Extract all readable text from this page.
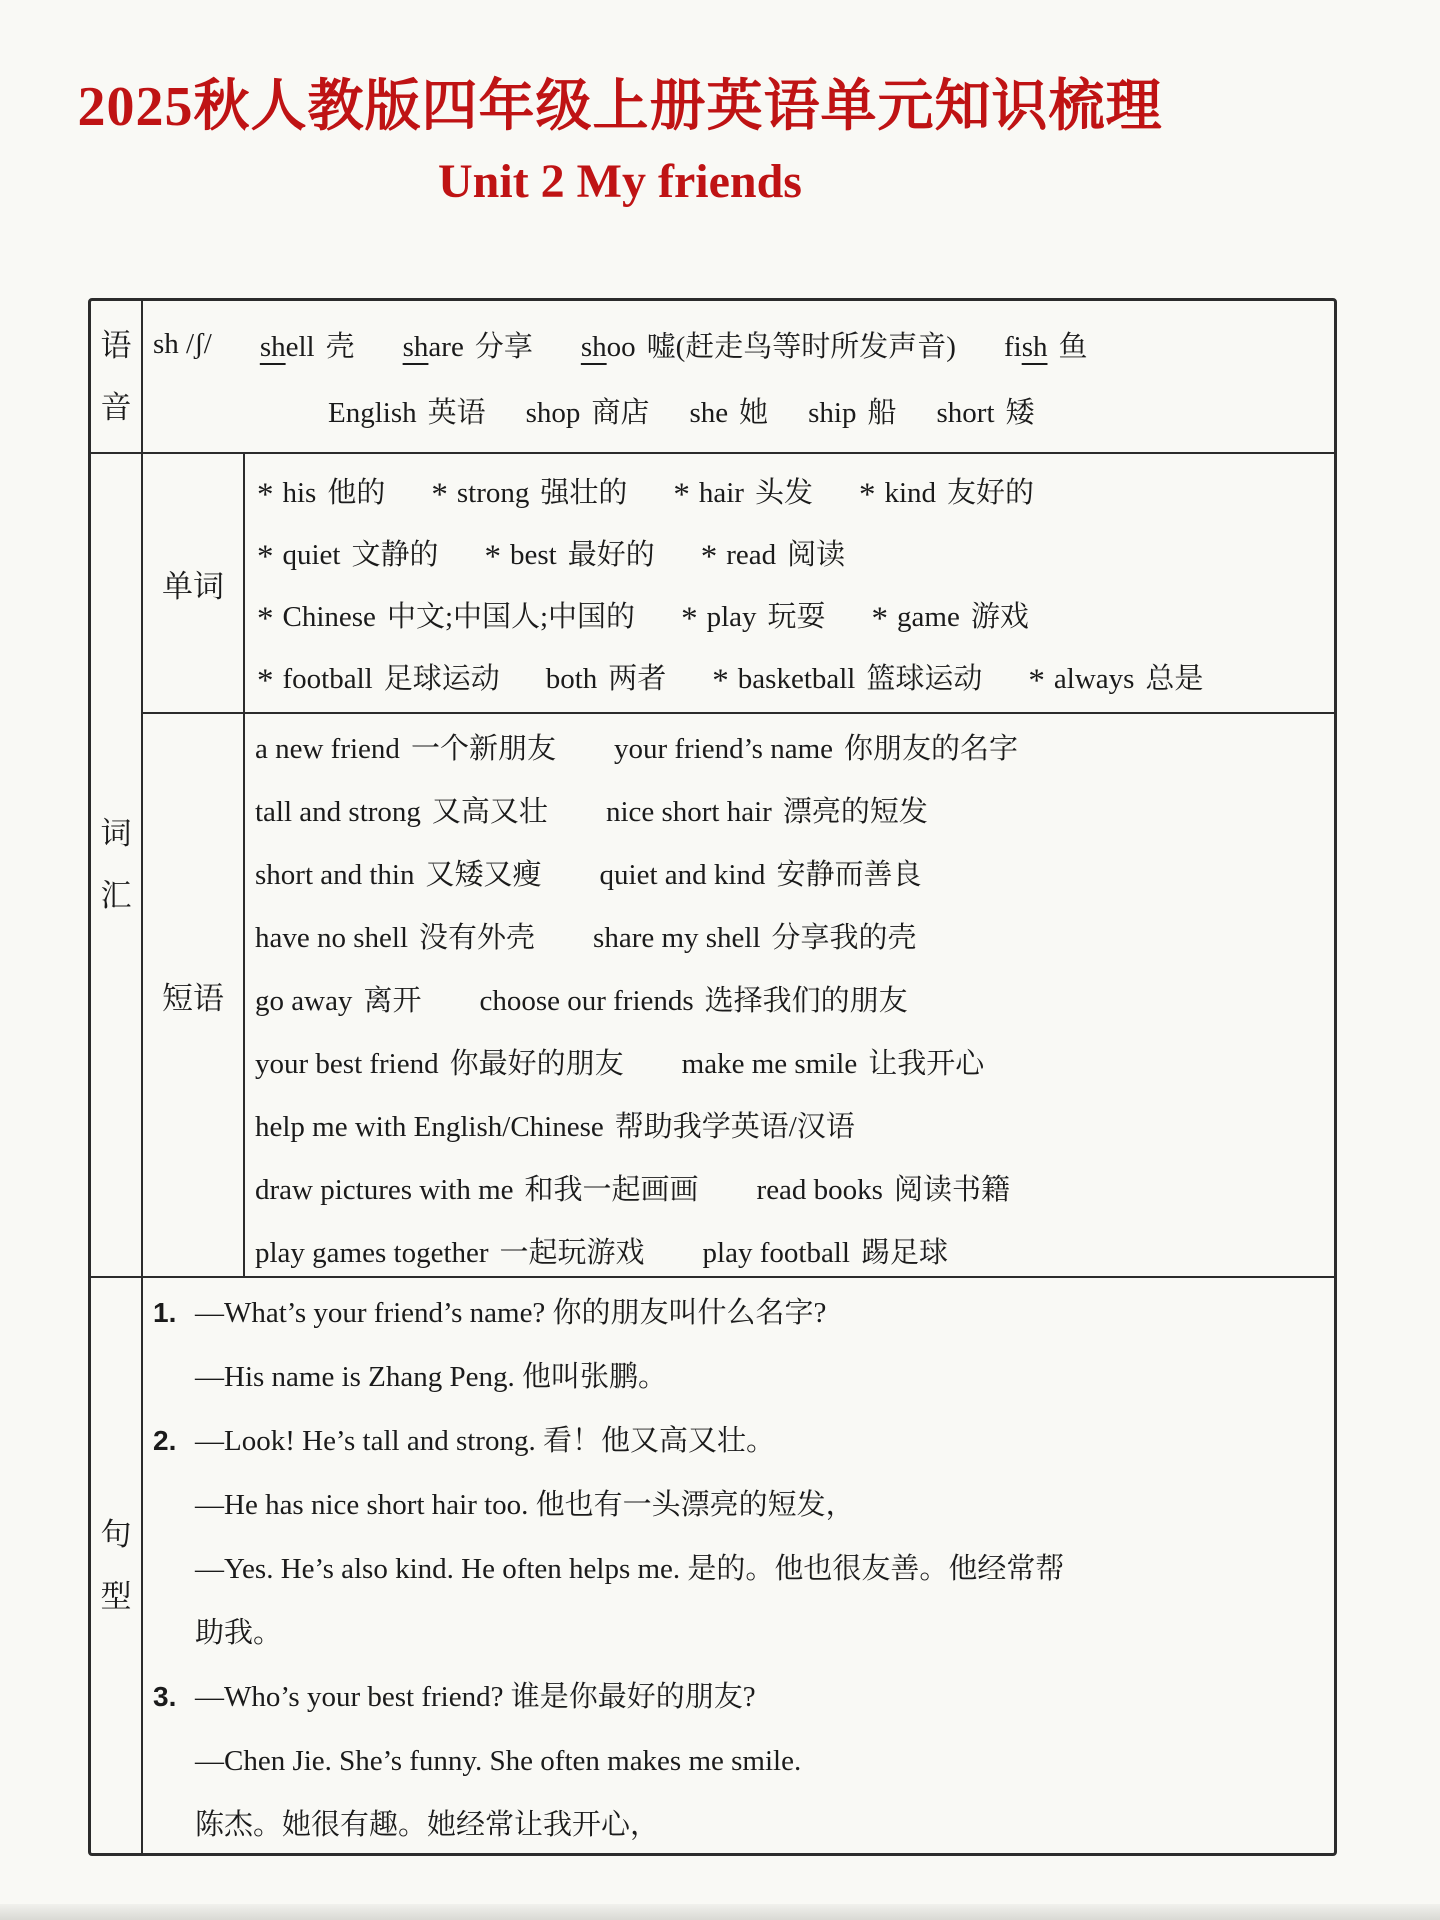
2025秋人教版四年级上册英语单元知识梳理
Unit 2 My friends
语音
sh /ʃ/ shell 壳 share 分享 shoo 嘘(赶走鸟等时所发声音) fish 鱼
English 英语 shop 商店 she 她 ship 船 short 矮
词汇
单词
* his 他的 * strong 强壮的 * hair 头发 * kind 友好的
* quiet 文静的 * best 最好的 * read 阅读
* Chinese 中文;中国人;中国的 * play 玩耍 * game 游戏
* football 足球运动 both 两者 * basketball 篮球运动 * always 总是
短语
a new friend 一个新朋友 your friend’s name 你朋友的名字
tall and strong 又高又壮 nice short hair 漂亮的短发
short and thin 又矮又瘦 quiet and kind 安静而善良
have no shell 没有外壳 share my shell 分享我的壳
go away 离开 choose our friends 选择我们的朋友
your best friend 你最好的朋友 make me smile 让我开心
help me with English/Chinese 帮助我学英语/汉语
draw pictures with me 和我一起画画 read books 阅读书籍
play games together 一起玩游戏 play football 踢足球
句型
1. —What’s your friend’s name? 你的朋友叫什么名字?
—His name is Zhang Peng. 他叫张鹏。
2. —Look! He’s tall and strong. 看！他又高又壮。
—He has nice short hair too. 他也有一头漂亮的短发，
—Yes. He’s also kind. He often helps me. 是的。他也很友善。他经常帮
助我。
3. —Who’s your best friend? 谁是你最好的朋友?
—Chen Jie. She’s funny. She often makes me smile.
陈杰。她很有趣。她经常让我开心，
